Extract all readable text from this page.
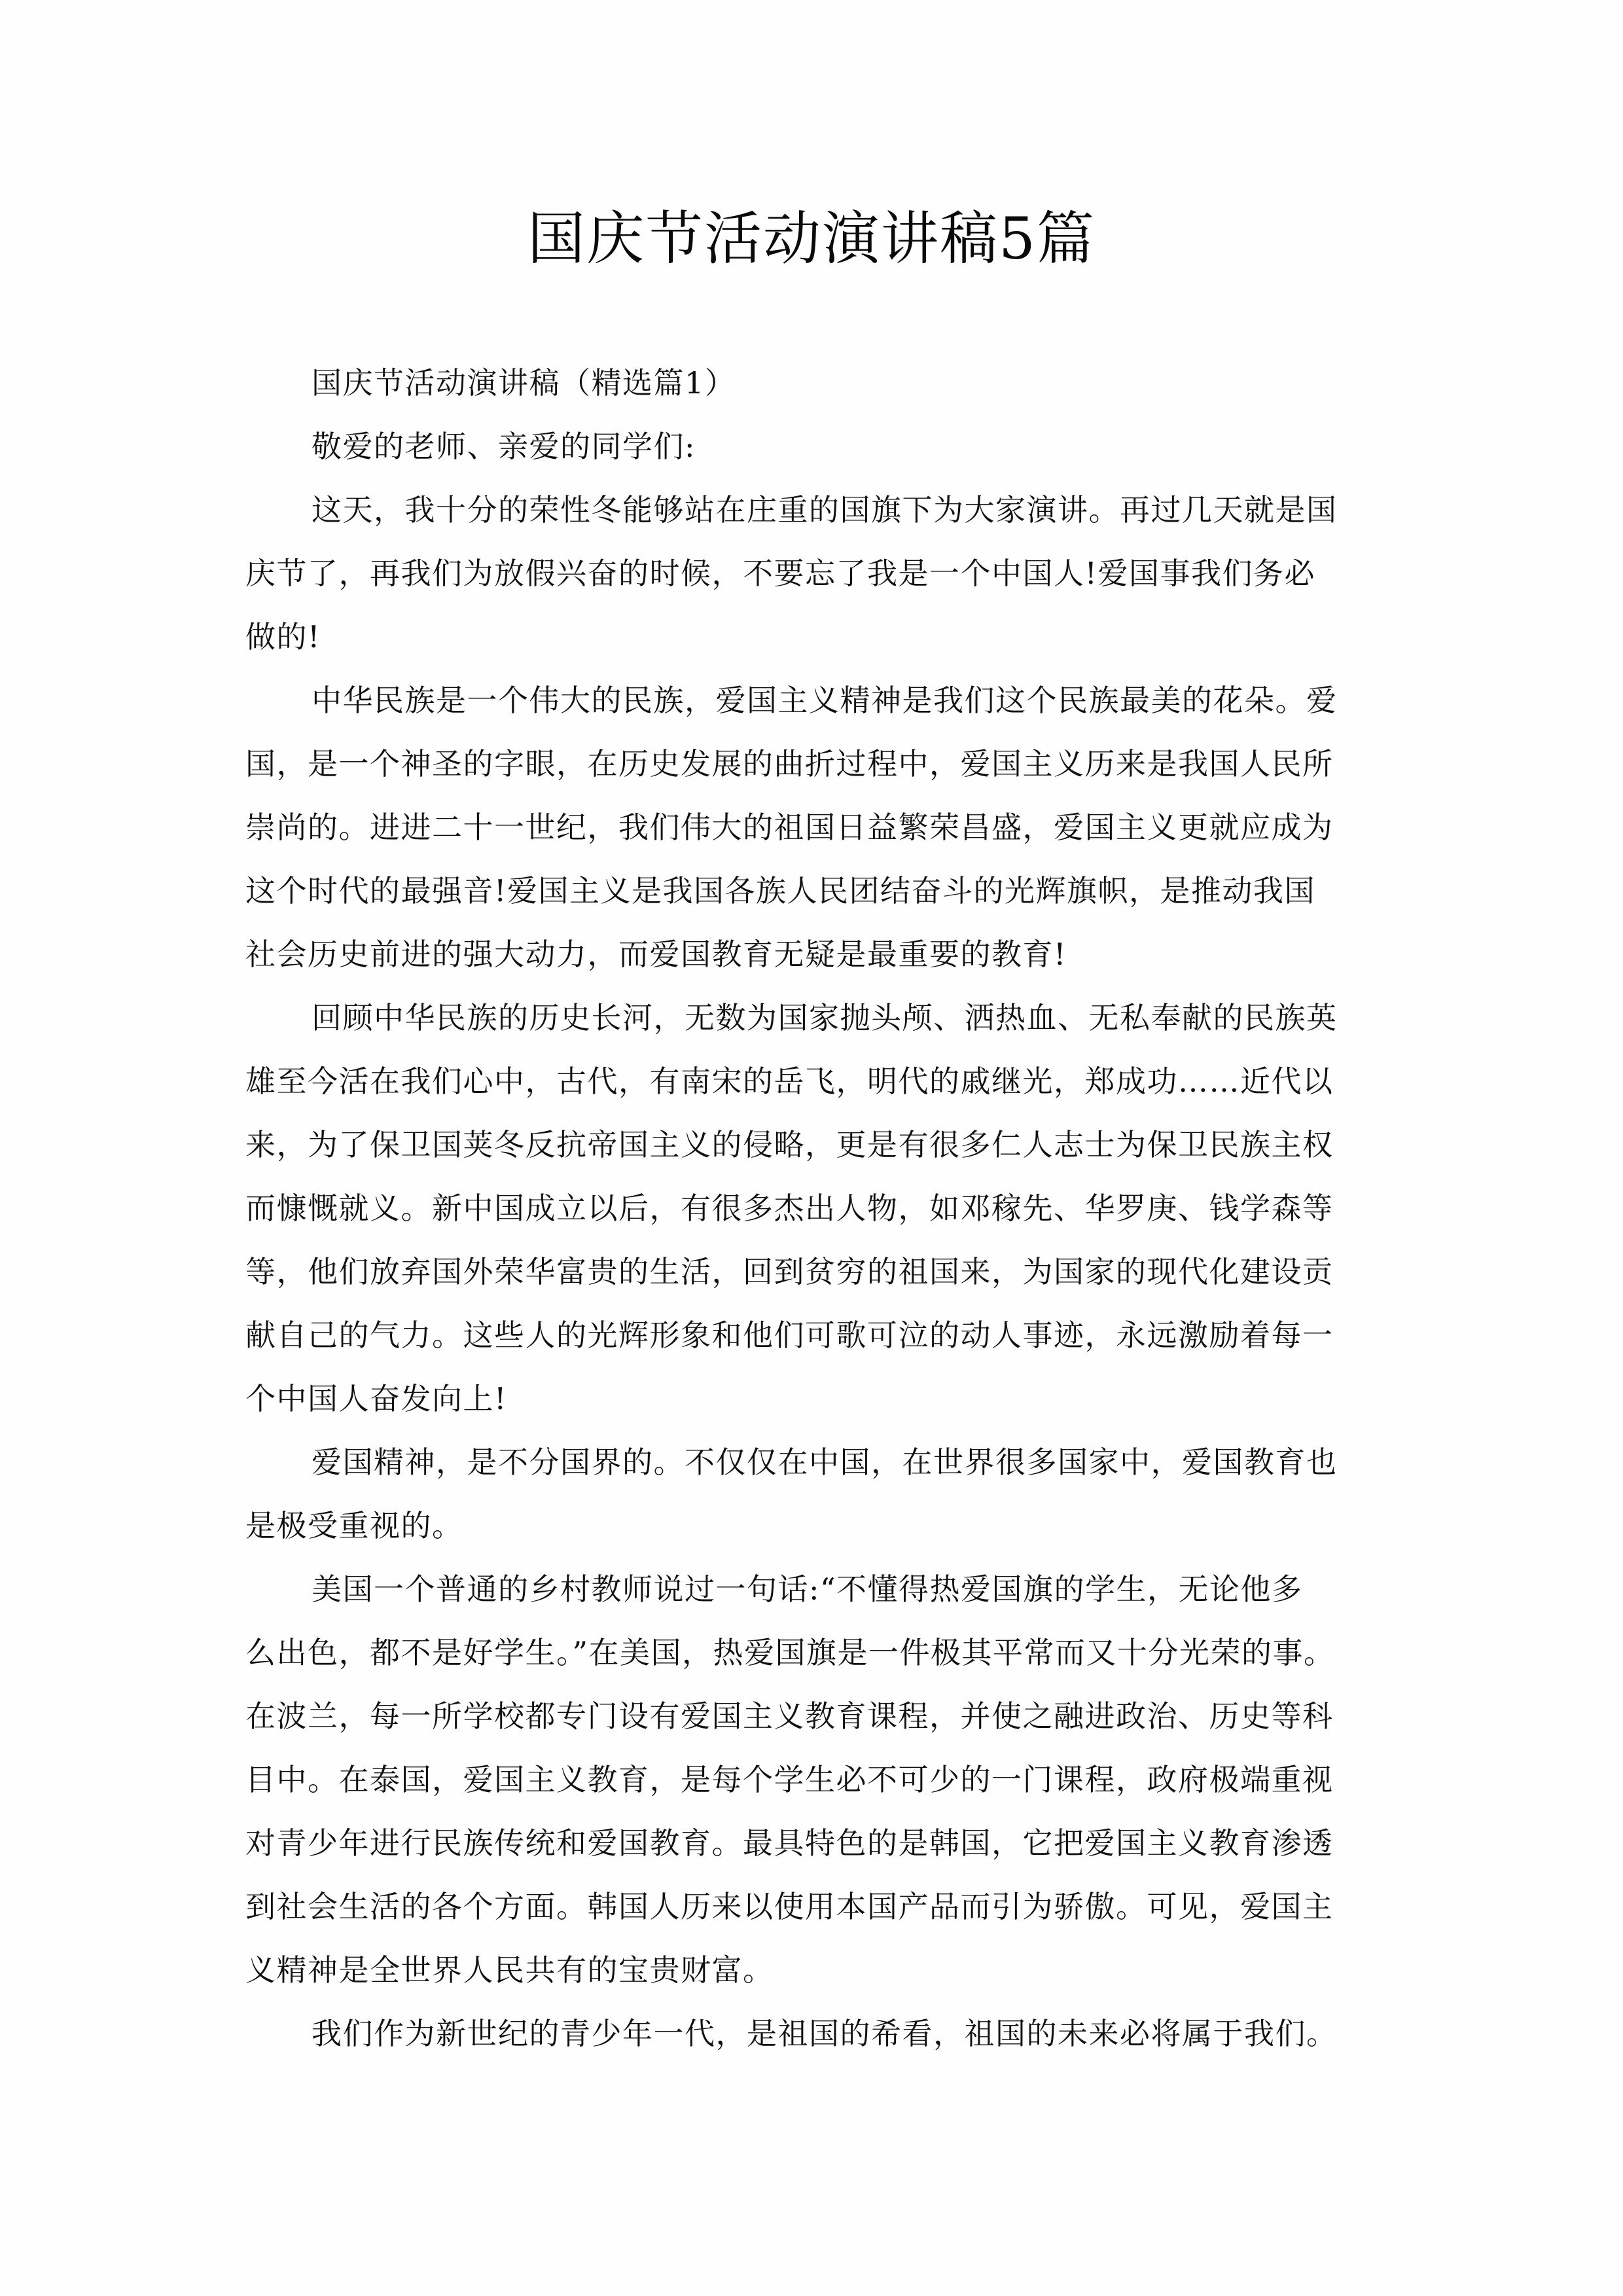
国庆节活动演讲稿5篇

国庆节活动演讲稿（精选篇1）

敬爱的老师、亲爱的同学们:

这天，我十分的荣性冬能够站在庄重的国旗下为大家演讲。再过几天就是国
庆节了，再我们为放假兴奋的时候，不要忘了我是一个中国人!爱国事我们务必
做的!

中华民族是一个伟大的民族，爱国主义精神是我们这个民族最美的花朵。爱
国，是一个神圣的字眼，在历史发展的曲折过程中，爱国主义历来是我国人民所
崇尚的。进进二十一世纪，我们伟大的祖国日益繁荣昌盛，爱国主义更就应成为
这个时代的最强音!爱国主义是我国各族人民团结奋斗的光辉旗帜，是推动我国
社会历史前进的强大动力，而爱国教育无疑是最重要的教育!

回顾中华民族的历史长河，无数为国家抛头颅、洒热血、无私奉献的民族英
雄至今活在我们心中，古代，有南宋的岳飞，明代的戚继光，郑成功……近代以
来，为了保卫国荚冬反抗帝国主义的侵略，更是有很多仁人志士为保卫民族主权
而慷慨就义。新中国成立以后，有很多杰出人物，如邓稼先、华罗庚、钱学森等
等，他们放弃国外荣华富贵的生活，回到贫穷的祖国来，为国家的现代化建设贡
献自己的气力。这些人的光辉形象和他们可歌可泣的动人事迹，永远激励着每一
个中国人奋发向上!

爱国精神，是不分国界的。不仅仅在中国，在世界很多国家中，爱国教育也
是极受重视的。

美国一个普通的乡村教师说过一句话:“不懂得热爱国旗的学生，无论他多
么出色，都不是好学生。”在美国，热爱国旗是一件极其平常而又十分光荣的事。
在波兰，每一所学校都专门设有爱国主义教育课程，并使之融进政治、历史等科
目中。在泰国，爱国主义教育，是每个学生必不可少的一门课程，政府极端重视
对青少年进行民族传统和爱国教育。最具特色的是韩国，它把爱国主义教育渗透
到社会生活的各个方面。韩国人历来以使用本国产品而引为骄傲。可见，爱国主
义精神是全世界人民共有的宝贵财富。

我们作为新世纪的青少年一代，是祖国的希看，祖国的未来必将属于我们。
